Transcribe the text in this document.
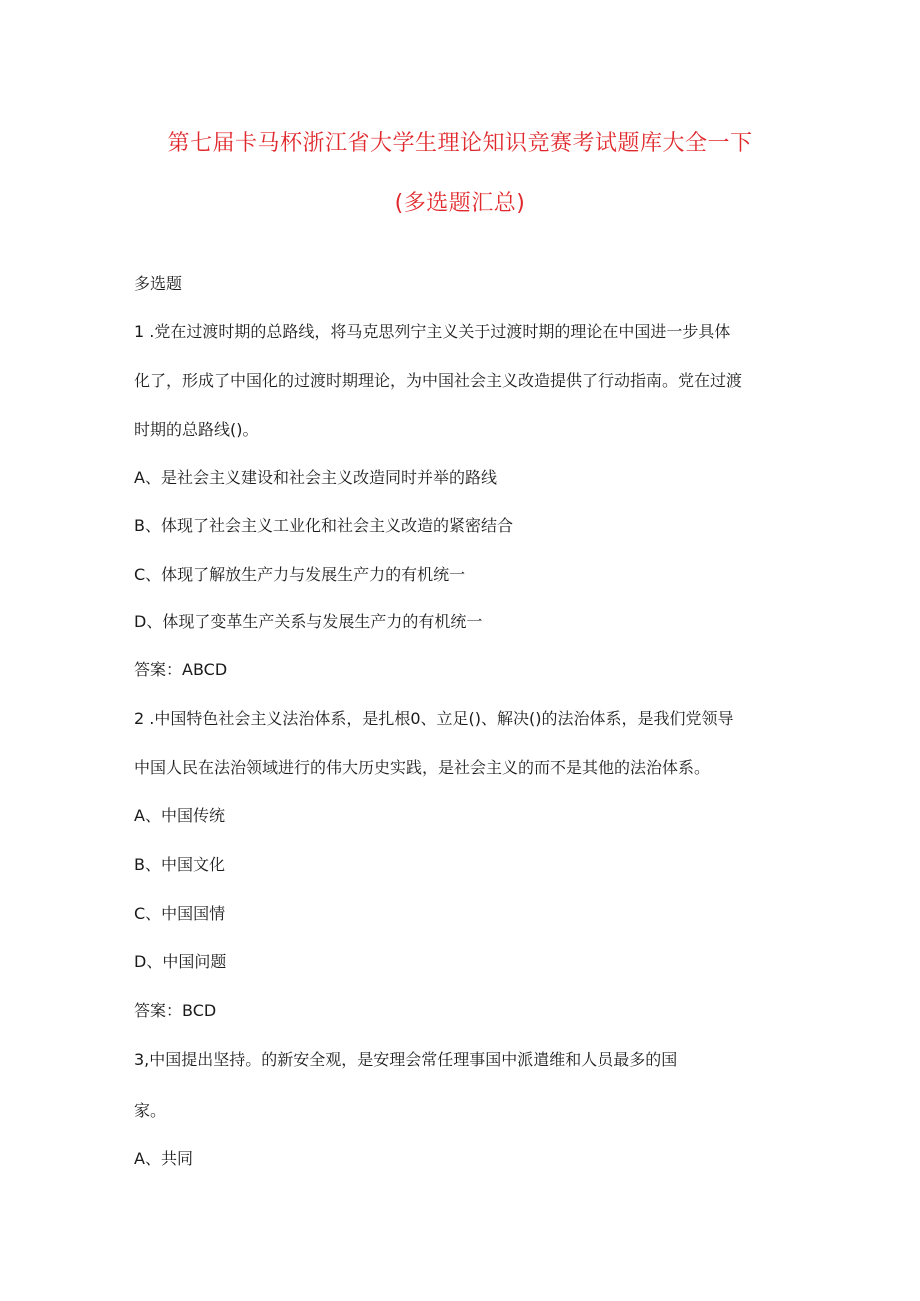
第七届卡马杯浙江省大学生理论知识竞赛考试题库大全一下
(多选题汇总)
多选题
1 .党在过渡时期的总路线，将马克思列宁主义关于过渡时期的理论在中国进一步具体
化了，形成了中国化的过渡时期理论，为中国社会主义改造提供了行动指南。党在过渡
时期的总路线()。
A、是社会主义建设和社会主义改造同时并举的路线
B、体现了社会主义工业化和社会主义改造的紧密结合
C、体现了解放生产力与发展生产力的有机统一
D、体现了变革生产关系与发展生产力的有机统一
答案：ABCD
2 .中国特色社会主义法治体系，是扎根0、立足()、解决()的法治体系，是我们党领导
中国人民在法治领域进行的伟大历史实践，是社会主义的而不是其他的法治体系。
A、中国传统
B、中国文化
C、中国国情
D、中国问题
答案：BCD
3,中国提出坚持。的新安全观，是安理会常任理事国中派遣维和人员最多的国
家。
A、共同
